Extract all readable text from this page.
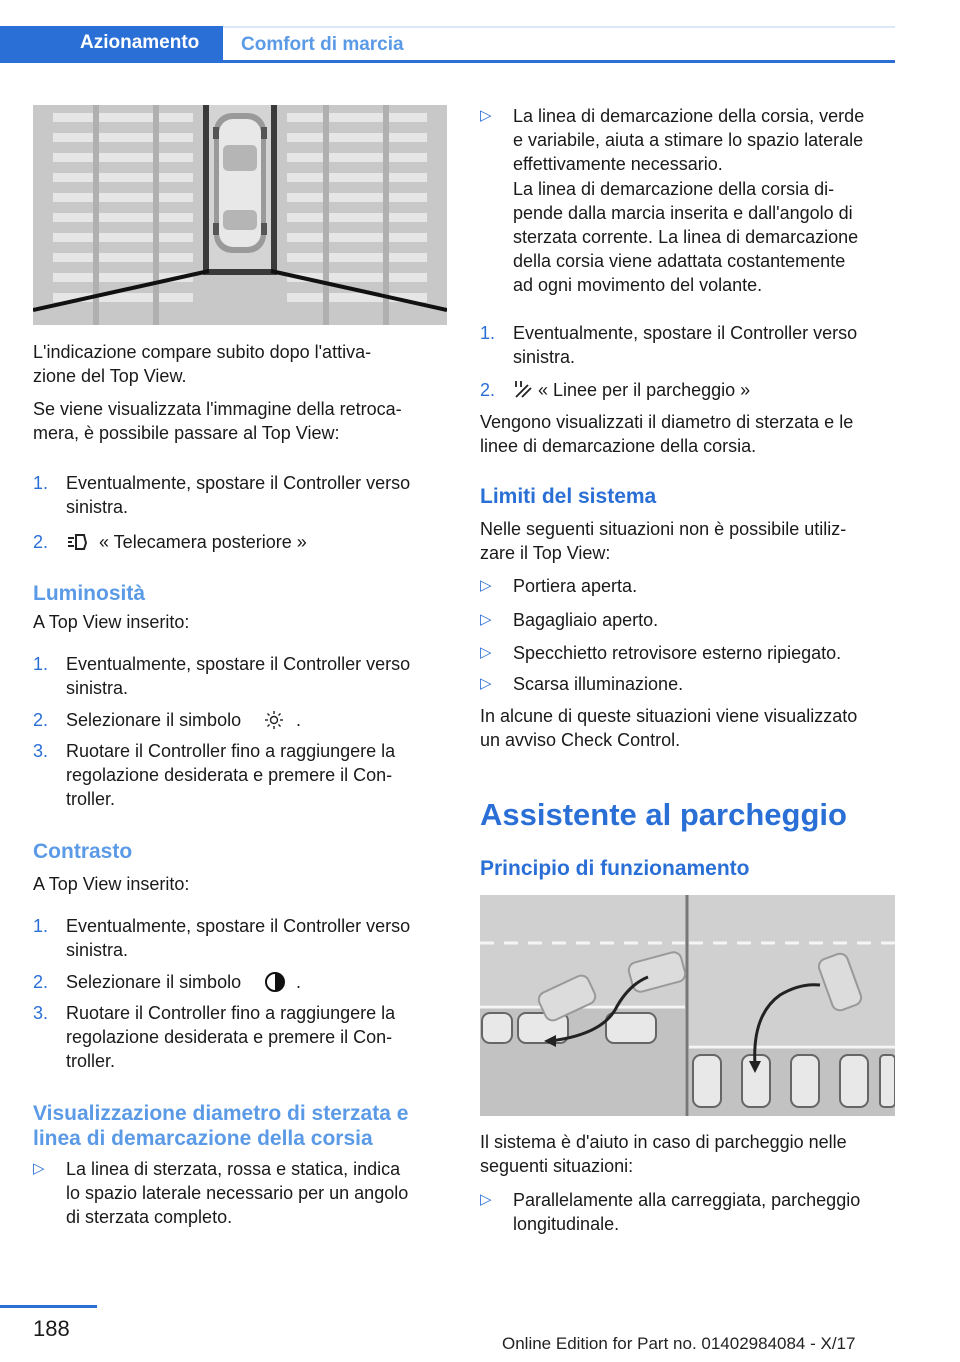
Azionamento	Comfort di marcia

L'indicazione compare subito dopo l'attiva-
zione del Top View.

Se viene visualizzata l'immagine della retroca-
mera, è possibile passare al Top View:

1. Eventualmente, spostare il Controller verso
sinistra.
2.	« Telecamera posteriore »
Luminosità

A Top View inserito:

1. Eventualmente, spostare il Controller verso
sinistra.
2. Selezionare il simbolo	.
3. Ruotare il Controller fino a raggiungere la
regolazione desiderata e premere il Con-
troller.
Contrasto

A Top View inserito:

1. Eventualmente, spostare il Controller verso
sinistra.
2. Selezionare il simbolo	.
3. Ruotare il Controller fino a raggiungere la
regolazione desiderata e premere il Con-
troller.
Visualizzazione diametro di sterzata e
linea di demarcazione della corsia
▷ La linea di sterzata, rossa e statica, indica
lo spazio laterale necessario per un angolo
di sterzata completo.
▷ La linea di demarcazione della corsia, verde
e variabile, aiuta a stimare lo spazio laterale
effettivamente necessario.

La linea di demarcazione della corsia di-
pende dalla marcia inserita e dall'angolo di
sterzata corrente. La linea di demarcazione
della corsia viene adattata costantemente
ad ogni movimento del volante.

1. Eventualmente, spostare il Controller verso
sinistra.
2. « Linee per il parcheggio »

Vengono visualizzati il diametro di sterzata e le
linee di demarcazione della corsia.

Limiti del sistema

Nelle seguenti situazioni non è possibile utiliz-
zare il Top View:

▷ Portiera aperta.
▷ Bagagliaio aperto.
▷ Specchietto retrovisore esterno ripiegato.
▷ Scarsa illuminazione.

In alcune di queste situazioni viene visualizzato
un avviso Check Control.

Assistente al parcheggio
Principio di funzionamento

Il sistema è d'aiuto in caso di parcheggio nelle
seguenti situazioni:

▷ Parallelamente alla carreggiata, parcheggio
longitudinale.
188
Online Edition for Part no. 01402984084 - X/17
